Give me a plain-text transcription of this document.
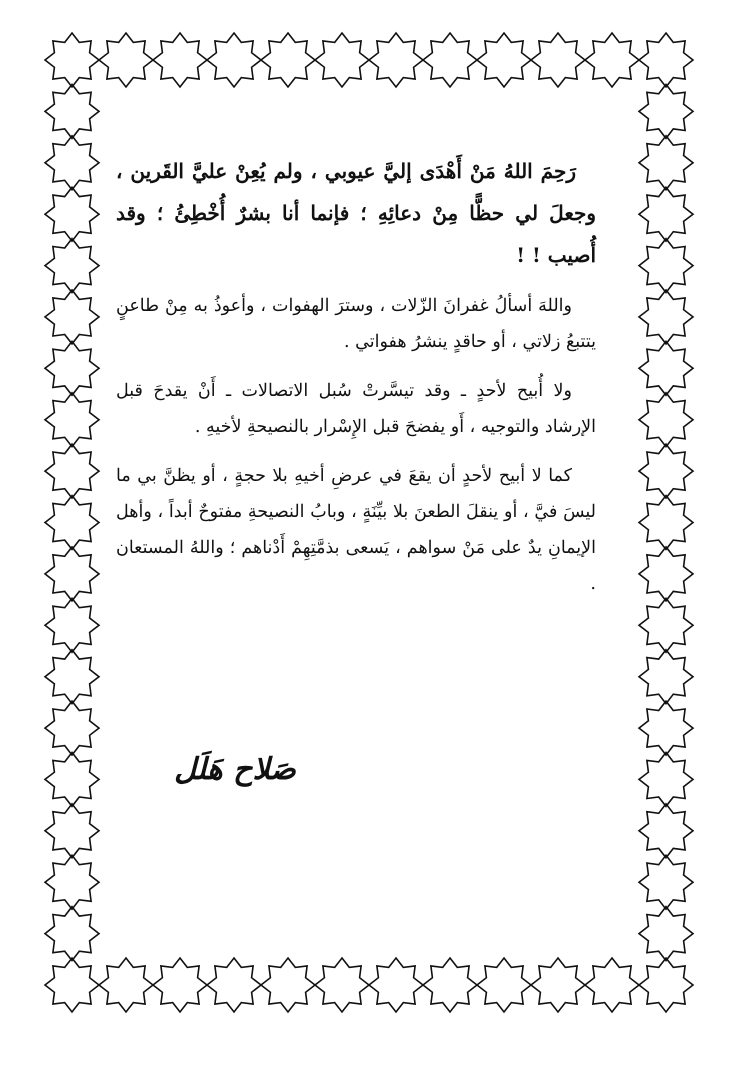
رَحِمَ اللهُ مَنْ أَهْدَى إليَّ عيوبي ، ولم يُعِنْ عليَّ القَرين ، وجعلَ لي حظًّا مِنْ دعائِهِ ؛ فإنما أنا بشرٌ أُخْطِئُ ؛ وقد أُصيب ! !

واللهَ أسألُ غفرانَ الزّلات ، وسترَ الهفوات ، وأعوذُ به مِنْ طاعنٍ يتتبعُ زلاتي ، أو حاقدٍ ينشرُ هفواتي .

ولا أُبيح لأحدٍ ـ وقد تيسَّرتْ سُبل الاتصالات ـ أَنْ يقدحَ قبل الإرشاد والتوجيه ، أَو يفضحَ قبل الإِسْرار بالنصيحةِ لأخيهِ .

كما لا أبيح لأحدٍ أن يقعَ في عرضِ أخيهِ بلا حجةٍ ، أو يظنَّ بي ما ليسَ فيَّ ، أو ينقلَ الطعنَ بلا بيِّنَةٍ ، وبابُ النصيحةِ مفتوحٌ أبداً ، وأهل الإيمانِ يدٌ على مَنْ سواهم ، يَسعى بذمَّتِهِمْ أَدْناهم ؛ واللهُ المستعان .

صَلاح هَلَل
